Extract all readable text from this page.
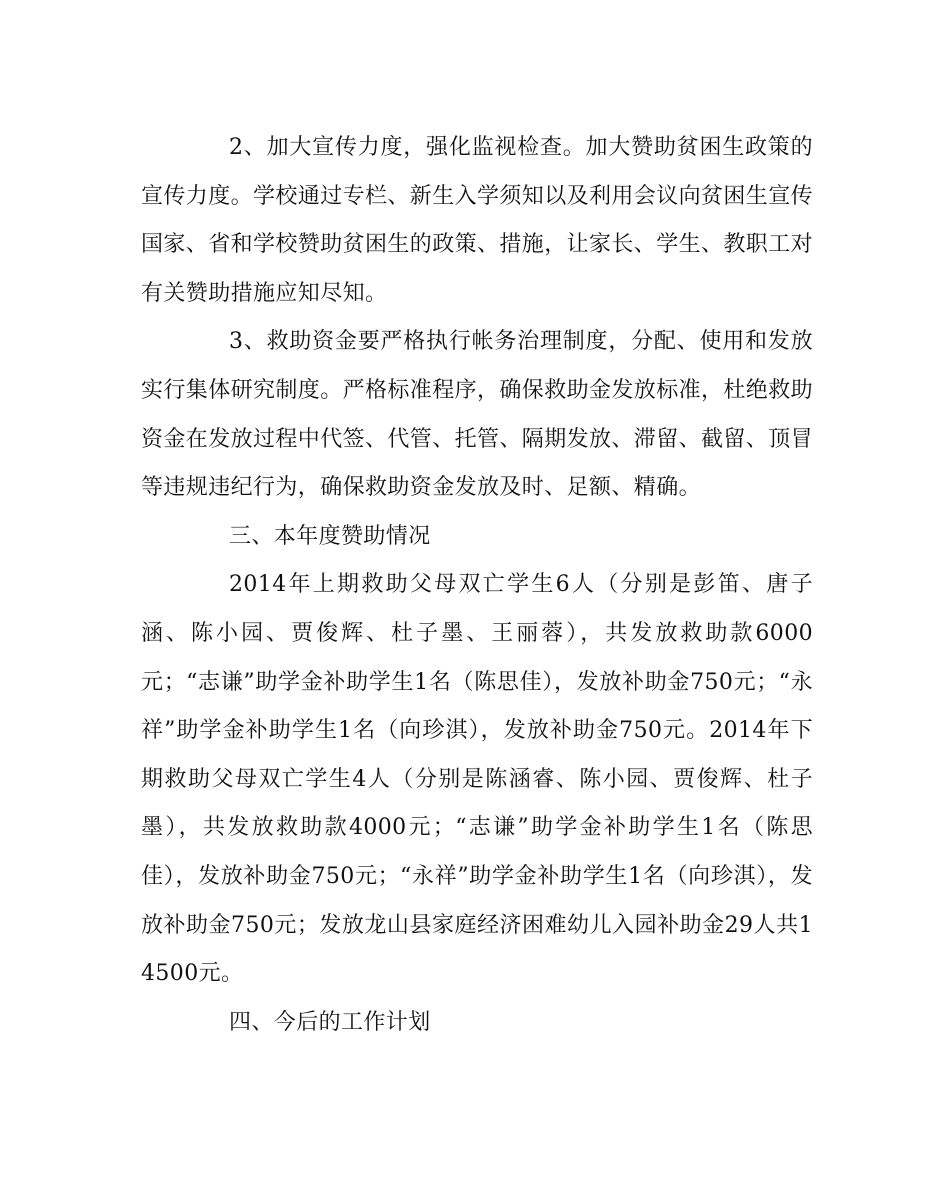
2、加大宣传力度，强化监视检查。加大赞助贫困生政策的宣传力度。学校通过专栏、新生入学须知以及利用会议向贫困生宣传国家、省和学校赞助贫困生的政策、措施，让家长、学生、教职工对有关赞助措施应知尽知。

3、救助资金要严格执行帐务治理制度，分配、使用和发放实行集体研究制度。严格标准程序，确保救助金发放标准，杜绝救助资金在发放过程中代签、代管、托管、隔期发放、滞留、截留、顶冒等违规违纪行为，确保救助资金发放及时、足额、精确。

三、本年度赞助情况

2014年上期救助父母双亡学生6人（分别是彭笛、唐子涵、陈小园、贾俊辉、杜子墨、王丽蓉），共发放救助款6000元；“志谦”助学金补助学生1名（陈思佳），发放补助金750元；“永祥”助学金补助学生1名（向珍淇），发放补助金750元。2014年下期救助父母双亡学生4人（分别是陈涵睿、陈小园、贾俊辉、杜子墨），共发放救助款4000元；“志谦”助学金补助学生1名（陈思佳），发放补助金750元；“永祥”助学金补助学生1名（向珍淇），发放补助金750元；发放龙山县家庭经济困难幼儿入园补助金29人共14500元。

四、今后的工作计划
